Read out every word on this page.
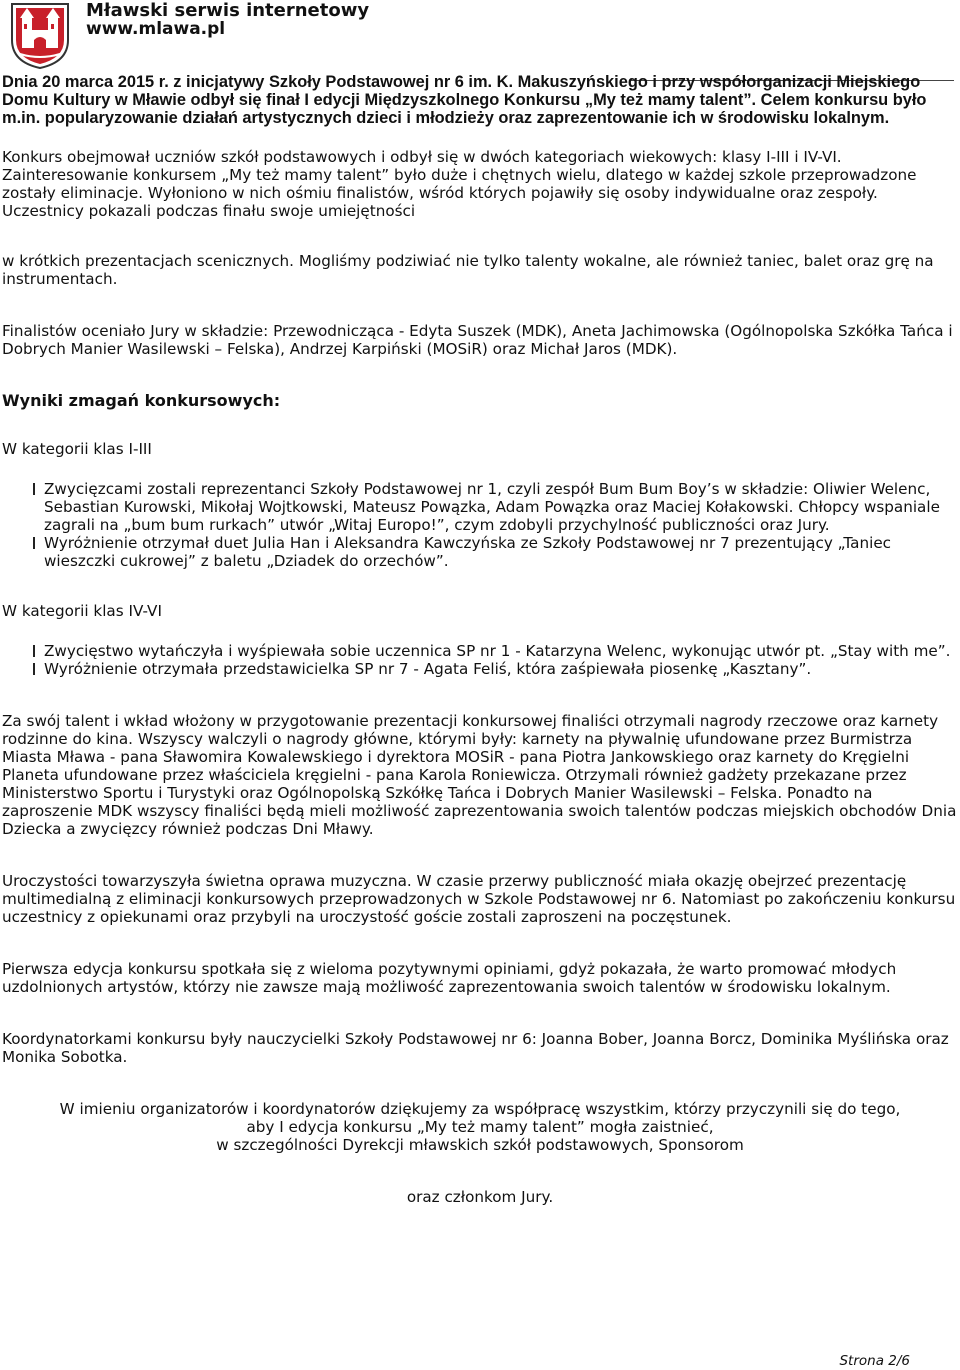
Mławski serwis internetowy
www.mlawa.pl

Dnia 20 marca 2015 r. z inicjatywy Szkoły Podstawowej nr 6 im. K. Makuszyńskiego i przy współorganizacji Miejskiego Domu Kultury w Mławie odbył się finał I edycji Międzyszkolnego Konkursu „My też mamy talent”. Celem konkursu było m.in. popularyzowanie działań artystycznych dzieci i młodzieży oraz zaprezentowanie ich w środowisku lokalnym.

Konkurs obejmował uczniów szkół podstawowych i odbył się w dwóch kategoriach wiekowych: klasy I-III i IV-VI. Zainteresowanie konkursem „My też mamy talent” było duże i chętnych wielu, dlatego w każdej szkole przeprowadzone zostały eliminacje. Wyłoniono w nich ośmiu finalistów, wśród których pojawiły się osoby indywidualne oraz zespoły. Uczestnicy pokazali podczas finału swoje umiejętności

w krótkich prezentacjach scenicznych. Mogliśmy podziwiać nie tylko talenty wokalne, ale również taniec, balet oraz grę na instrumentach.

Finalistów oceniało Jury w składzie: Przewodnicząca - Edyta Suszek (MDK), Aneta Jachimowska (Ogólnopolska Szkółka Tańca i Dobrych Manier Wasilewski – Felska), Andrzej Karpiński (MOSiR) oraz Michał Jaros (MDK).

Wyniki zmagań konkursowych:

W kategorii klas I-III

Zwycięzcami zostali reprezentanci Szkoły Podstawowej nr 1, czyli zespół Bum Bum Boy’s w składzie: Oliwier Welenc, Sebastian Kurowski, Mikołaj Wojtkowski, Mateusz Powązka, Adam Powązka oraz Maciej Kołakowski. Chłopcy wspaniale zagrali na „bum bum rurkach” utwór „Witaj Europo!”, czym zdobyli przychylność publiczności oraz Jury.
Wyróżnienie otrzymał duet Julia Han i Aleksandra Kawczyńska ze Szkoły Podstawowej nr 7 prezentujący „Taniec wieszczki cukrowej” z baletu „Dziadek do orzechów”.

W kategorii klas IV-VI

Zwycięstwo wytańczyła i wyśpiewała sobie uczennica SP nr 1 - Katarzyna Welenc, wykonując utwór pt. „Stay with me”.
Wyróżnienie otrzymała przedstawicielka SP nr 7 - Agata Feliś, która zaśpiewała piosenkę „Kasztany”.

Za swój talent i wkład włożony w przygotowanie prezentacji konkursowej finaliści otrzymali nagrody rzeczowe oraz karnety rodzinne do kina. Wszyscy walczyli o nagrody główne, którymi były: karnety na pływalnię ufundowane przez Burmistrza Miasta Mława - pana Sławomira Kowalewskiego i dyrektora MOSiR - pana Piotra Jankowskiego oraz karnety do Kręgielni Planeta ufundowane przez właściciela kręgielni - pana Karola Roniewicza. Otrzymali również gadżety przekazane przez Ministerstwo Sportu i Turystyki oraz Ogólnopolską Szkółkę Tańca i Dobrych Manier Wasilewski – Felska. Ponadto na zaproszenie MDK wszyscy finaliści będą mieli możliwość zaprezentowania swoich talentów podczas miejskich obchodów Dnia Dziecka a zwycięzcy również podczas Dni Mławy.

Uroczystości towarzyszyła świetna oprawa muzyczna. W czasie przerwy publiczność miała okazję obejrzeć prezentację multimedialną z eliminacji konkursowych przeprowadzonych w Szkole Podstawowej nr 6. Natomiast po zakończeniu konkursu uczestnicy z opiekunami oraz przybyli na uroczystość goście zostali zaproszeni na poczęstunek.

Pierwsza edycja konkursu spotkała się z wieloma pozytywnymi opiniami, gdyż pokazała, że warto promować młodych uzdolnionych artystów, którzy nie zawsze mają możliwość zaprezentowania swoich talentów w środowisku lokalnym.

Koordynatorkami konkursu były nauczycielki Szkoły Podstawowej nr 6: Joanna Bober, Joanna Borcz, Dominika Myślińska oraz Monika Sobotka.

W imieniu organizatorów i koordynatorów dziękujemy za współpracę wszystkim, którzy przyczynili się do tego,
aby I edycja konkursu „My też mamy talent” mogła zaistnieć,
w szczególności Dyrekcji mławskich szkół podstawowych, Sponsorom
oraz członkom Jury.
Strona 2/6
